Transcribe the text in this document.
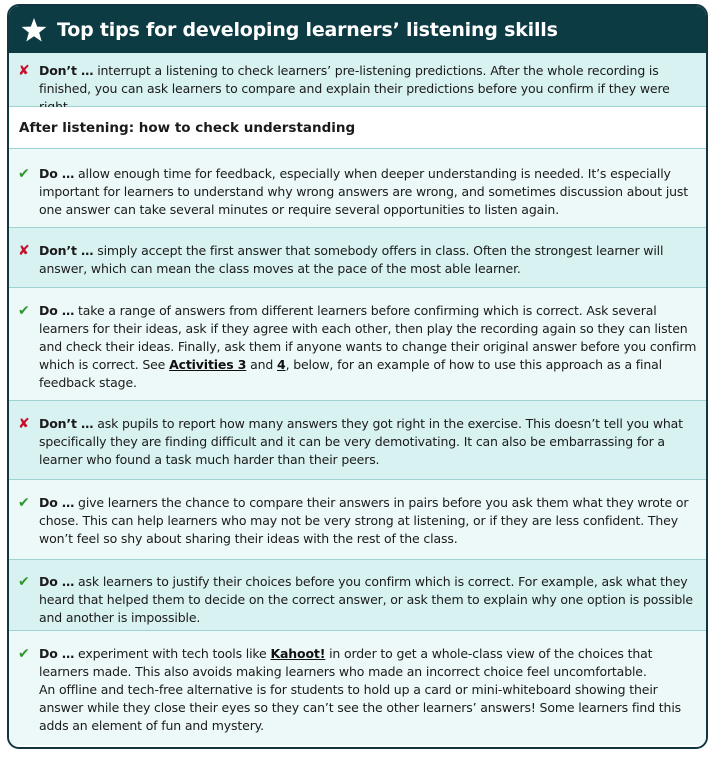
Top tips for developing learners’ listening skills
✘ Don’t … interrupt a listening to check learners’ pre-listening predictions. After the whole recording is finished, you can ask learners to compare and explain their predictions before you confirm if they were
After listening: how to check understanding
✔ Do … allow enough time for feedback, especially when deeper understanding is needed. It’s especially important for learners to understand why wrong answers are wrong, and sometimes discussion about just one answer can take several minutes or require several opportunities to listen again.
✘ Don’t … simply accept the first answer that somebody offers in class. Often the strongest learner will answer, which can mean the class moves at the pace of the most able learner.
✔ Do … take a range of answers from different learners before confirming which is correct. Ask several learners for their ideas, ask if they agree with each other, then play the recording again so they can listen and check their ideas. Finally, ask them if anyone wants to change their original answer before you confirm which is correct. See Activities 3 and 4, below, for an example of how to use this approach as a final feedback stage.
✘ Don’t … ask pupils to report how many answers they got right in the exercise. This doesn’t tell you what specifically they are finding difficult and it can be very demotivating. It can also be embarrassing for a learner who found a task much harder than their peers.
✔ Do … give learners the chance to compare their answers in pairs before you ask them what they wrote or chose. This can help learners who may not be very strong at listening, or if they are less confident. They won’t feel so shy about sharing their ideas with the rest of the class.
✔ Do … ask learners to justify their choices before you confirm which is correct. For example, ask what they heard that helped them to decide on the correct answer, or ask them to explain why one option is possible and another is impossible.
✔ Do … experiment with tech tools like Kahoot! in order to get a whole-class view of the choices that learners made. This also avoids making learners who made an incorrect choice feel uncomfortable.

An offline and tech-free alternative is for students to hold up a card or mini-whiteboard showing their answer while they close their eyes so they can’t see the other learners’ answers! Some learners find this adds an element of fun and mystery.
